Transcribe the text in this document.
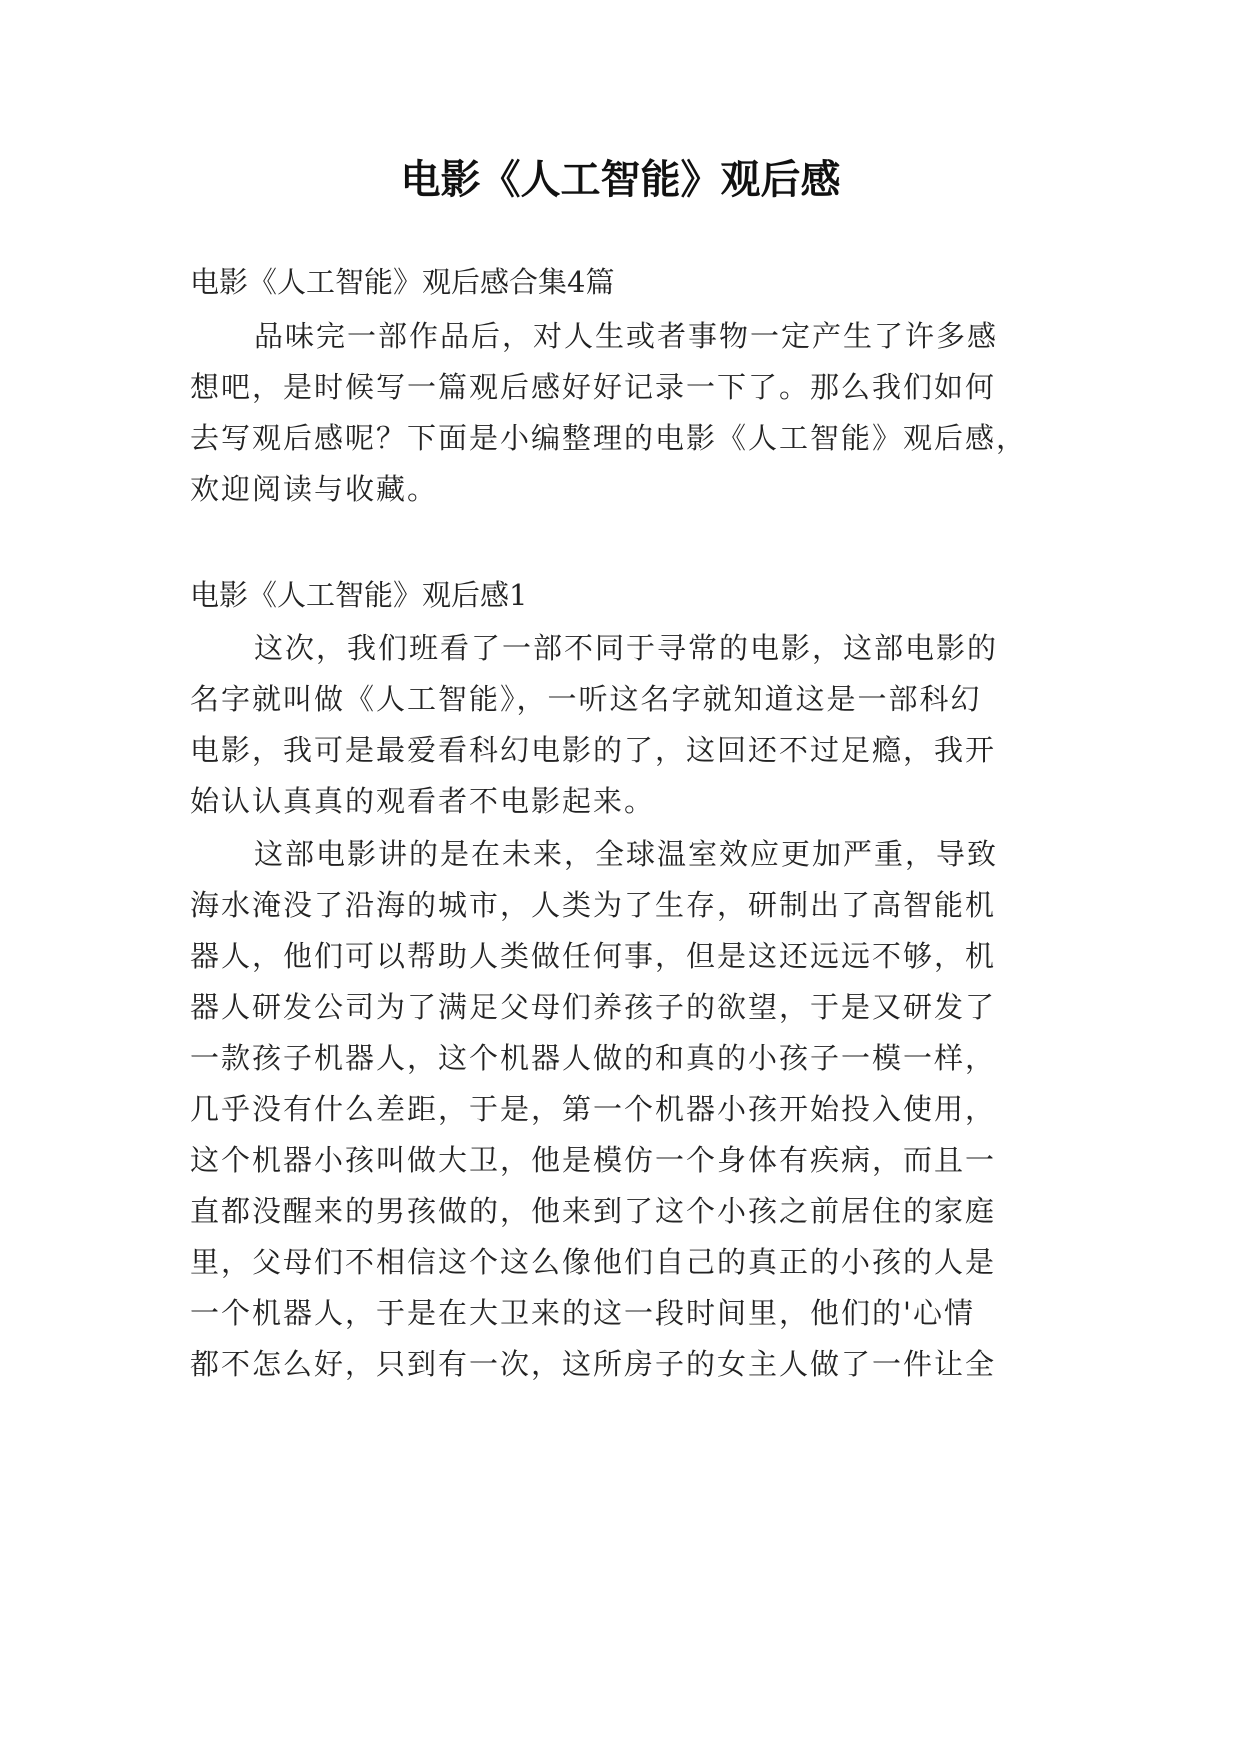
电影《人工智能》观后感
电影《人工智能》观后感合集4篇
品味完一部作品后，对人生或者事物一定产生了许多感
想吧，是时候写一篇观后感好好记录一下了。那么我们如何
去写观后感呢？下面是小编整理的电影《人工智能》观后感，
欢迎阅读与收藏。
电影《人工智能》观后感1
这次，我们班看了一部不同于寻常的电影，这部电影的
名字就叫做《人工智能》，一听这名字就知道这是一部科幻
电影，我可是最爱看科幻电影的了，这回还不过足瘾，我开
始认认真真的观看者不电影起来。
这部电影讲的是在未来，全球温室效应更加严重，导致
海水淹没了沿海的城市，人类为了生存，研制出了高智能机
器人，他们可以帮助人类做任何事，但是这还远远不够，机
器人研发公司为了满足父母们养孩子的欲望，于是又研发了
一款孩子机器人，这个机器人做的和真的小孩子一模一样，
几乎没有什么差距，于是，第一个机器小孩开始投入使用，
这个机器小孩叫做大卫，他是模仿一个身体有疾病，而且一
直都没醒来的男孩做的，他来到了这个小孩之前居住的家庭
里，父母们不相信这个这么像他们自己的真正的小孩的人是
一个机器人，于是在大卫来的这一段时间里，他们的'心情
都不怎么好，只到有一次，这所房子的女主人做了一件让全
